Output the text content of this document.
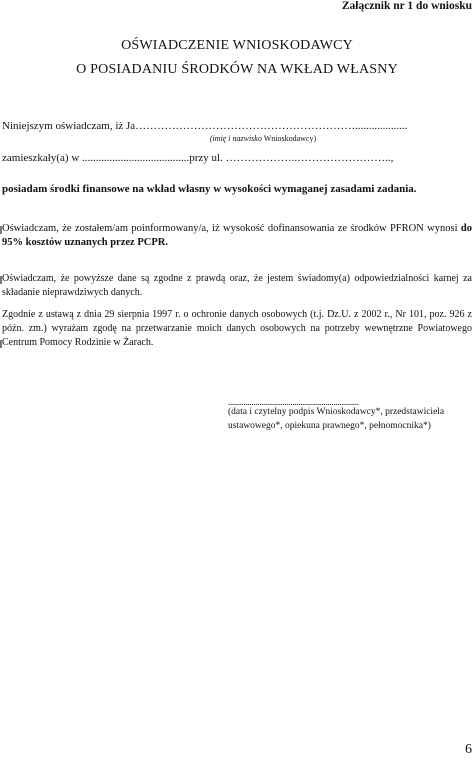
Załącznik nr 1 do wniosku
OŚWIADCZENIE WNIOSKODAWCY
O POSIADANIU ŚRODKÓW NA WKŁAD WŁASNY
Niniejszym oświadczam, iż Ja……………………………………………………...................
(imię i nazwisko Wnioskodawcy)
zamieszkały(a) w .......................................przy ul. ………………..……………………..,
posiadam środki finansowe na wkład własny w wysokości wymaganej zasadami zadania.
Oświadczam, że zostałem/am poinformowany/a, iż wysokość dofinansowania ze środków PFRON wynosi do 95% kosztów uznanych przez PCPR.
Oświadczam, że powyższe dane są zgodne z prawdą oraz, że jestem świadomy(a) odpowiedzialności karnej za składanie nieprawdziwych danych.
Zgodnie z ustawą z dnia 29 sierpnia 1997 r. o ochronie danych osobowych (t.j. Dz.U. z 2002 r., Nr 101, poz. 926 z późn. zm.) wyrażam zgodę na przetwarzanie moich danych osobowych na potrzeby wewnętrzne Powiatowego Centrum Pomocy Rodzinie w Żarach.
...................................................................
(data i czytelny podpis Wnioskodawcy*, przedstawiciela ustawowego*, opiekuna prawnego*, pełnomocnika*)
6
